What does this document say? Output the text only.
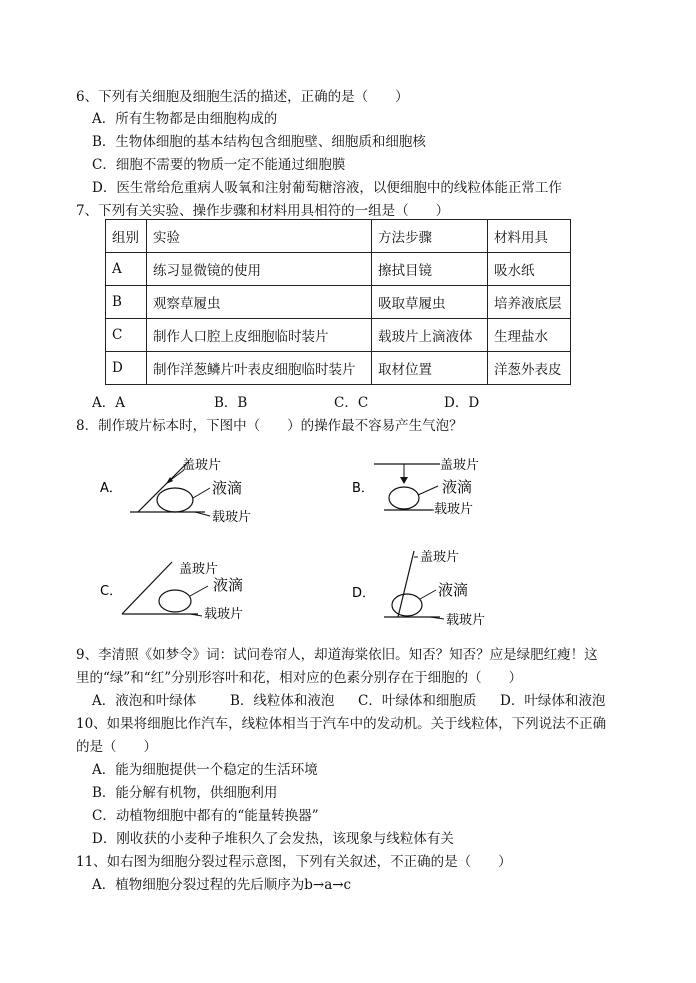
6、下列有关细胞及细胞生活的描述，正确的是（　　）
A．所有生物都是由细胞构成的
B．生物体细胞的基本结构包含细胞壁、细胞质和细胞核
C．细胞不需要的物质一定不能通过细胞膜
D．医生常给危重病人吸氧和注射葡萄糖溶液，以便细胞中的线粒体能正常工作
7、下列有关实验、操作步骤和材料用具相符的一组是（　　）
组别	实验	方法步骤	材料用具
A	练习显微镜的使用	擦拭目镜	吸水纸
B	观察草履虫	吸取草履虫	培养液底层
C	制作人口腔上皮细胞临时装片	载玻片上滴液体	生理盐水
D	制作洋葱鳞片叶表皮细胞临时装片	取材位置	洋葱外表皮
A．A	B．B	C．C	D．D
8．制作玻片标本时，下图中（　　）的操作最不容易产生气泡？
A．
盖玻片
液滴
载玻片
B．
盖玻片
液滴
载玻片
C．
盖玻片
液滴
载玻片
D．
盖玻片
液滴
载玻片
9、李清照《如梦令》词：试问卷帘人，却道海棠依旧。知否？知否？应是绿肥红瘦！这
里的“绿”和“红”分别形容叶和花，相对应的色素分别存在于细胞的（　　）
A．液泡和叶绿体	B．线粒体和液泡 C．叶绿体和细胞质 D．叶绿体和液泡
10、如果将细胞比作汽车，线粒体相当于汽车中的发动机。关于线粒体，下列说法不正确
的是（　　）
A．能为细胞提供一个稳定的生活环境
B．能分解有机物，供细胞利用
C．动植物细胞中都有的“能量转换器”
D．刚收获的小麦种子堆积久了会发热，该现象与线粒体有关
11、如右图为细胞分裂过程示意图，下列有关叙述，不正确的是（　　）
A．植物细胞分裂过程的先后顺序为b→a→c
